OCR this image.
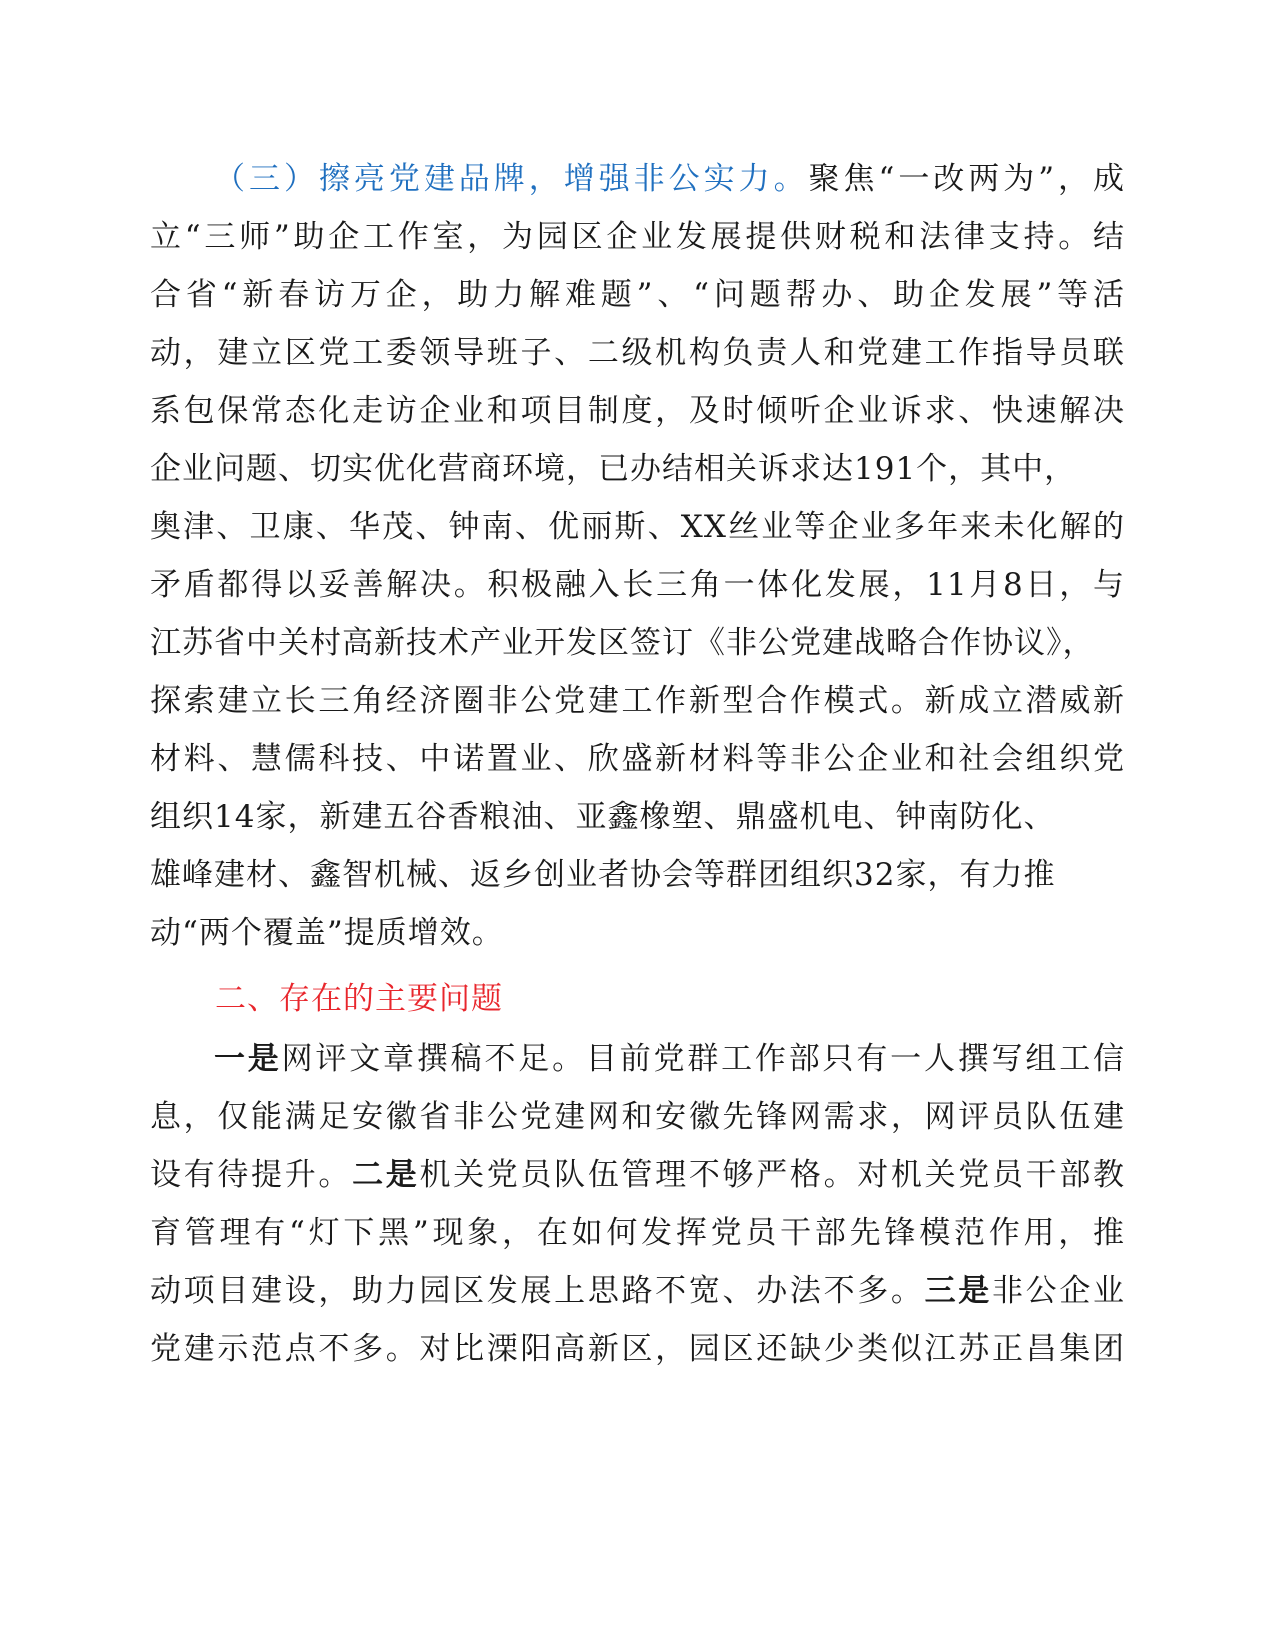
（三）擦亮党建品牌，增强非公实力。聚焦“一改两为”，成
立“三师”助企工作室，为园区企业发展提供财税和法律支持。结
合省“新春访万企，助力解难题”、“问题帮办、助企发展”等活
动，建立区党工委领导班子、二级机构负责人和党建工作指导员联
系包保常态化走访企业和项目制度，及时倾听企业诉求、快速解决
企业问题、切实优化营商环境，已办结相关诉求达191个，其中，
奥津、卫康、华茂、钟南、优丽斯、XX丝业等企业多年来未化解的
矛盾都得以妥善解决。积极融入长三角一体化发展，11月8日，与
江苏省中关村高新技术产业开发区签订《非公党建战略合作协议》，
探索建立长三角经济圈非公党建工作新型合作模式。新成立潜威新
材料、慧儒科技、中诺置业、欣盛新材料等非公企业和社会组织党
组织14家，新建五谷香粮油、亚鑫橡塑、鼎盛机电、钟南防化、
雄峰建材、鑫智机械、返乡创业者协会等群团组织32家，有力推
动“两个覆盖”提质增效。
二、存在的主要问题
一是网评文章撰稿不足。目前党群工作部只有一人撰写组工信
息，仅能满足安徽省非公党建网和安徽先锋网需求，网评员队伍建
设有待提升。二是机关党员队伍管理不够严格。对机关党员干部教
育管理有“灯下黑”现象，在如何发挥党员干部先锋模范作用，推
动项目建设，助力园区发展上思路不宽、办法不多。三是非公企业
党建示范点不多。对比溧阳高新区，园区还缺少类似江苏正昌集团
